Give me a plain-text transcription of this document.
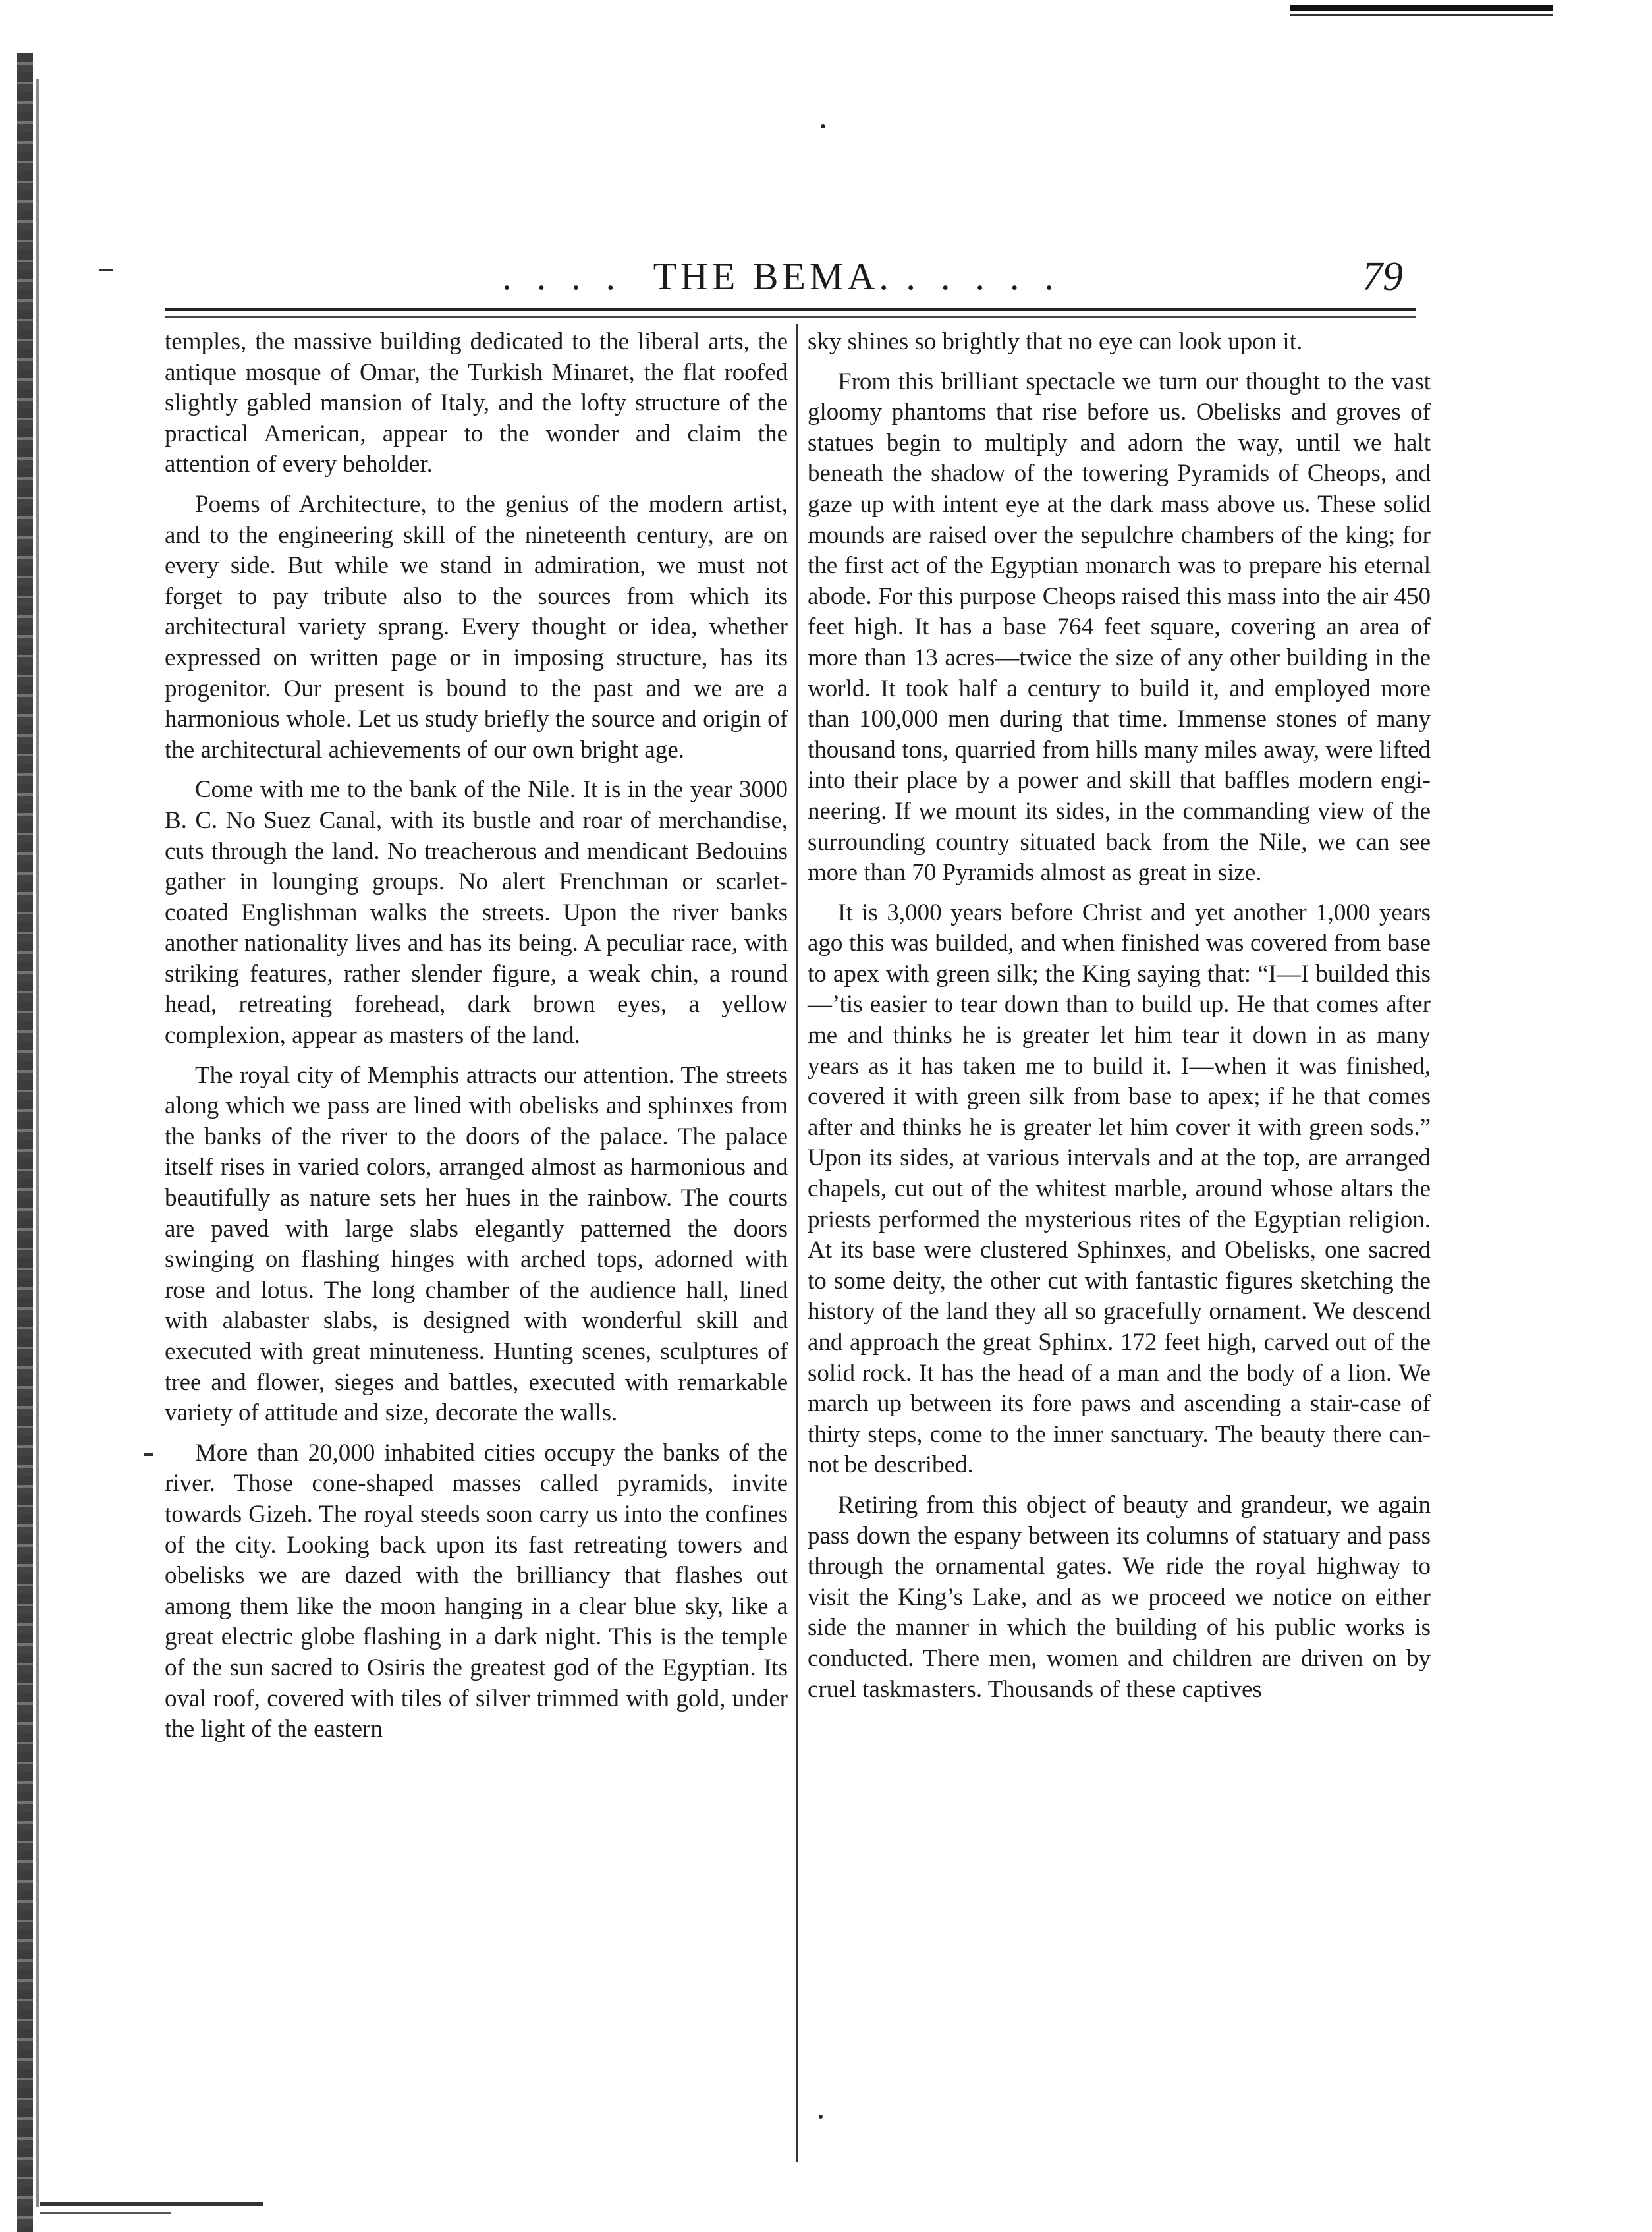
.... THE BEMA. .....	79

temples, the massive building dedicated to the liberal arts, the antique mosque of Omar, the Turkish Minaret, the flat roofed slightly gabled mansion of Italy, and the lofty structure of the practical American, appear to the wonder and claim the attention of every beholder.

Poems of Architecture, to the genius of the modern artist, and to the engineering skill of the nineteenth century, are on every side. But while we stand in admiration, we must not forget to pay tribute also to the sources from which its architectural variety sprang. Every thought or idea, whether expressed on written page or in imposing structure, has its progenitor. Our present is bound to the past and we are a harmonious whole. Let us study briefly the source and origin of the architectural achievements of our own bright age.

Come with me to the bank of the Nile. It is in the year 3000 B. C. No Suez Canal, with its bustle and roar of merchandise, cuts through the land. No treacherous and mendicant Bedouins gather in lounging groups. No alert Frenchman or scarlet-coated Englishman walks the streets. Upon the river banks another nationality lives and has its being. A peculiar race, with striking features, rather slender figure, a weak chin, a round head, retreating forehead, dark brown eyes, a yellow complexion, appear as masters of the land.

The royal city of Memphis attracts our attention. The streets along which we pass are lined with obelisks and sphinxes from the banks of the river to the doors of the palace. The palace itself rises in varied colors, arranged almost as harmonious and beautifully as nature sets her hues in the rainbow. The courts are paved with large slabs elegantly patterned the doors swinging on flashing hinges with arched tops, adorned with rose and lotus. The long chamber of the audience hall, lined with alabaster slabs, is designed with wonderful skill and executed with great minuteness. Hunting scenes, sculptures of tree and flower, sieges and battles, executed with remarkable variety of attitude and size, decorate the walls.

More than 20,000 inhabited cities occupy the banks of the river. Those cone-shaped masses called pyramids, invite towards Gizeh. The royal steeds soon carry us into the confines of the city. Looking back upon its fast retreating towers and obelisks we are dazed with the brilliancy that flashes out among them like the moon hanging in a clear blue sky, like a great electric globe flashing in a dark night. This is the temple of the sun sacred to Osiris the greatest god of the Egyptian. Its oval roof, covered with tiles of silver trimmed with gold, under the light of the eastern

sky shines so brightly that no eye can look upon it.

From this brilliant spectacle we turn our thought to the vast gloomy phantoms that rise before us. Obelisks and groves of statues begin to multiply and adorn the way, until we halt beneath the shadow of the towering Pyramids of Cheops, and gaze up with intent eye at the dark mass above us. These solid mounds are raised over the sepulchre chambers of the king; for the first act of the Egyptian monarch was to prepare his eternal abode. For this purpose Cheops raised this mass into the air 450 feet high. It has a base 764 feet square, covering an area of more than 13 acres—twice the size of any other building in the world. It took half a century to build it, and employed more than 100,000 men during that time. Immense stones of many thousand tons, quarried from hills many miles away, were lifted into their place by a power and skill that baffles modern engineering. If we mount its sides, in the commanding view of the surrounding country situated back from the Nile, we can see more than 70 Pyramids almost as great in size.

It is 3,000 years before Christ and yet another 1,000 years ago this was builded, and when finished was covered from base to apex with green silk; the King saying that: “I—I builded this—’tis easier to tear down than to build up. He that comes after me and thinks he is greater let him tear it down in as many years as it has taken me to build it. I—when it was finished, covered it with green silk from base to apex; if he that comes after and thinks he is greater let him cover it with green sods.” Upon its sides, at various intervals and at the top, are arranged chapels, cut out of the whitest marble, around whose altars the priests performed the mysterious rites of the Egyptian religion. At its base were clustered Sphinxes, and Obelisks, one sacred to some deity, the other cut with fantastic figures sketching the history of the land they all so gracefully ornament. We descend and approach the great Sphinx. 172 feet high, carved out of the solid rock. It has the head of a man and the body of a lion. We march up between its fore paws and ascending a stair-case of thirty steps, come to the inner sanctuary. The beauty there cannot be described.

Retiring from this object of beauty and grandeur, we again pass down the espany between its columns of statuary and pass through the ornamental gates. We ride the royal highway to visit the King’s Lake, and as we proceed we notice on either side the manner in which the building of his public works is conducted. There men, women and children are driven on by cruel taskmasters. Thousands of these captives
